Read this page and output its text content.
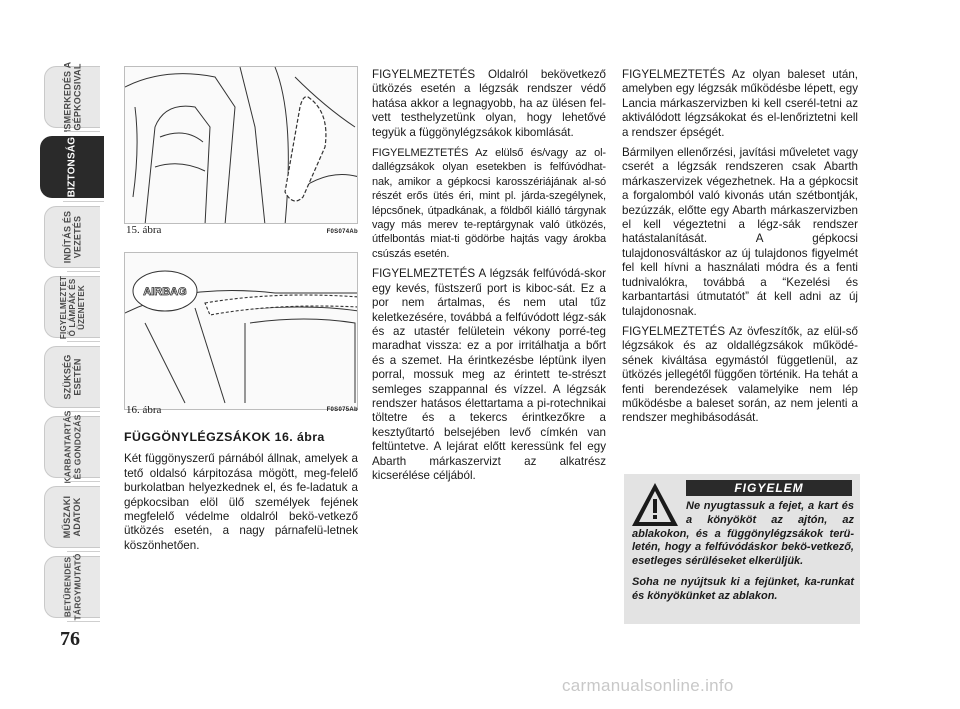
ISMERKEDÉS A GÉPKOCSIVAL
BIZTONSÁG
INDÍTÁS ÉS VEZETÉS
FIGYELMEZTET Ő LÁMPÁK ÉS ÜZENETEK
SZÜKSÉG ESETÉN
KARBANTARTÁS ÉS GONDOZÁS
MŰSZAKI ADATOK
BETŰRENDES TÁRGYMUTATÓ
76
15. ábra	F0S074Ab
AIRBAG
16. ábra	F0S075Ab

FÜGGÖNYLÉGZSÁKOK 16. ábra

Két függönyszerű párnából állnak, amelyek a tető oldalsó kárpitozása mögött, meg-felelő burkolatban helyezkednek el, és fe-ladatuk a gépkocsiban elöl ülő személyek fejének megfelelő védelme oldalról bekö-vetkező ütközés esetén, a nagy párnafelü-letnek köszönhetően.

FIGYELMEZTETÉS Oldalról bekövetkező ütközés esetén a légzsák rendszer védő hatása akkor a legnagyobb, ha az ülésen fel-vett testhelyzetünk olyan, hogy lehetővé tegyük a függönylégzsákok kibomlását.

FIGYELMEZTETÉS Az elülső és/vagy az ol-dallégzsákok olyan esetekben is felfúvódhat-nak, amikor a gépkocsi karosszériájának al-só részét erős ütés éri, mint pl. járda-szegélynek, lépcsőnek, útpadkának, a földből kiálló tárgynak vagy más merev te-reptárgynak való ütközés, útfelbontás miat-ti gödörbe hajtás vagy árokba csúszás esetén.

FIGYELMEZTETÉS A légzsák felfúvódá-skor egy kevés, füstszerű port is kiboc-sát. Ez a por nem ártalmas, és nem utal tűz keletkezésére, továbbá a felfúvódott légz-sák és az utastér felületein vékony porré-teg maradhat vissza: ez a por irritálhatja a bőrt és a szemet. Ha érintkezésbe léptünk ilyen porral, mossuk meg az érintett te-strészt semleges szappannal és vízzel. A légzsák rendszer hatásos élettartama a pi-rotechnikai töltetre és a tekercs érintkezőkre a kesztyűtartó belsejében levő címkén van feltüntetve. A lejárat előtt keressünk fel egy Abarth márkaszervizt az alkatrész kicserélése céljából.

FIGYELMEZTETÉS Az olyan baleset után, amelyben egy légzsák működésbe lépett, egy Lancia márkaszervizben ki kell cserél-tetni az aktiválódott légzsákokat és el-lenőriztetni kell a rendszer épségét.

Bármilyen ellenőrzési, javítási műveletet vagy cserét a légzsák rendszeren csak Abarth márkaszervizek végezhetnek. Ha a gépkocsit a forgalomból való kivonás után szétbontják, bezúzzák, előtte egy Abarth márkaszervizben el kell végeztetni a légz-sák rendszer hatástalanítását. A gépkocsi tulajdonosváltáskor az új tulajdonos figyelmét fel kell hívni a használati módra és a fenti tudnivalókra, továbbá a “Kezelési és karbantartási útmutatót” át kell adni az új tulajdonosnak.

FIGYELMEZTETÉS Az övfeszítők, az elül-ső légzsákok és az oldallégzsákok működé-sének kiváltása egymástól függetlenül, az ütközés jellegétől függően történik. Ha tehát a fenti berendezések valamelyike nem lép működésbe a baleset során, az nem jelenti a rendszer meghibásodását.

FIGYELEM

Ne nyugtassuk a fejet, a kart és a könyököt az ajtón, az ablakokon, és a függönylégzsákok terü-letén, hogy a felfúvódáskor bekö-vetkező, esetleges sérüléseket elkerüljük.

Soha ne nyújtsuk ki a fejünket, ka-runkat és könyökünket az ablakon.

carmanualsonline.info
